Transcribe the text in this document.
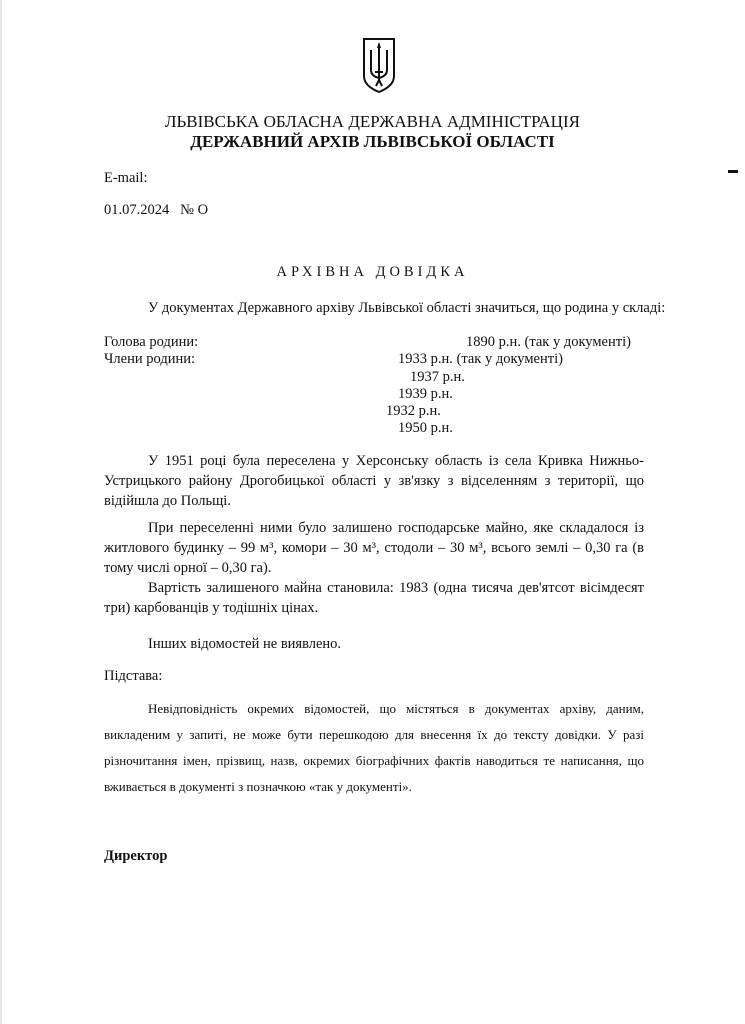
ЛЬВІВСЬКА ОБЛАСНА ДЕРЖАВНА АДМІНІСТРАЦІЯ
ДЕРЖАВНИЙ АРХІВ ЛЬВІВСЬКОЇ ОБЛАСТІ
E-mail:
01.07.2024   № О
АРХІВНА ДОВІДКА
У документах Державного архіву Львівської області значиться, що родина у складі:
Голова родини:	1890 р.н. (так у документі)
Члени родини:	1933 р.н. (так у документі)
1937 р.н.
1939 р.н.
1932 р.н.
1950 р.н.

У 1951 році була переселена у Херсонську область із села Кривка Нижньо-Устрицького району Дрогобицької області у зв'язку з відселенням з території, що відійшла до Польщі.

При переселенні ними було залишено господарське майно, яке складалося із житлового будинку – 99 м³, комори – 30 м³, стодоли – 30 м³, всього землі – 0,30 га (в тому числі орної – 0,30 га).

Вартість залишеного майна становила: 1983 (одна тисяча дев'ятсот вісімдесят три) карбованців у тодішніх цінах.

Інших відомостей не виявлено.
Підстава:

Невідповідність окремих відомостей, що містяться в документах архіву, даним, викладеним у запиті, не може бути перешкодою для внесення їх до тексту довідки. У разі різночитання імен, прізвищ, назв, окремих біографічних фактів наводиться те написання, що вживається в документі з позначкою «так у документі».

Директор
